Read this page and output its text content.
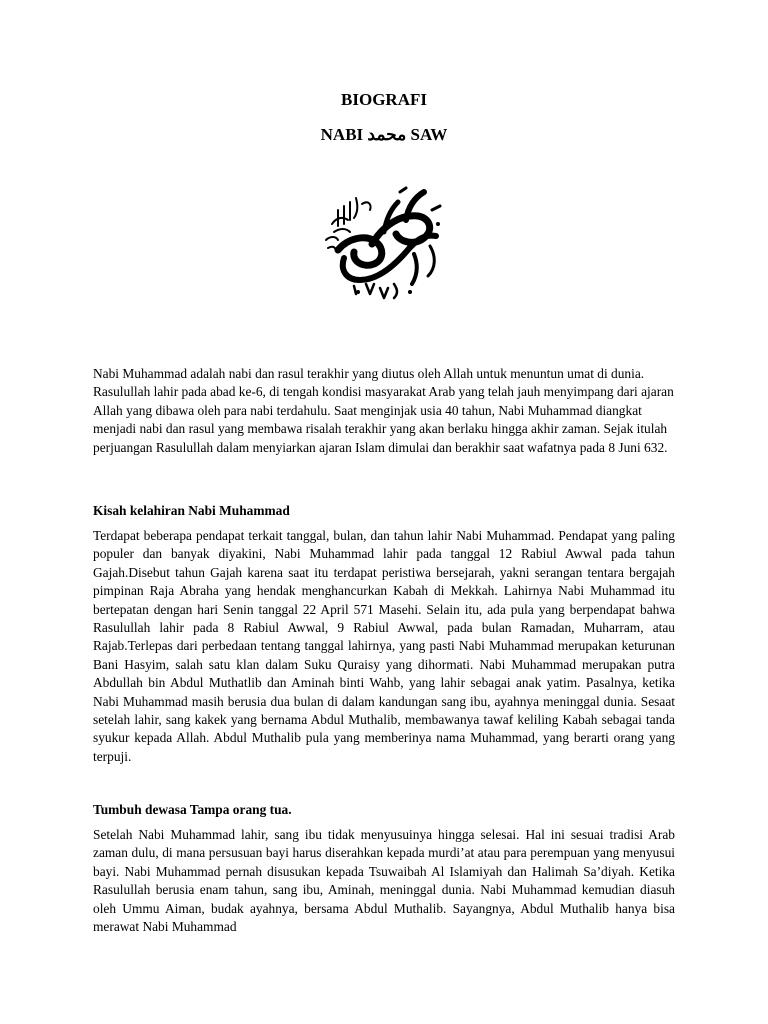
BIOGRAFI
NABI محمد SAW

Nabi Muhammad adalah nabi dan rasul terakhir yang diutus oleh Allah untuk menuntun umat di dunia. Rasulullah lahir pada abad ke-6, di tengah kondisi masyarakat Arab yang telah jauh menyimpang dari ajaran Allah yang dibawa oleh para nabi terdahulu. Saat menginjak usia 40 tahun, Nabi Muhammad diangkat menjadi nabi dan rasul yang membawa risalah terakhir yang akan berlaku hingga akhir zaman. Sejak itulah perjuangan Rasulullah dalam menyiarkan ajaran Islam dimulai dan berakhir saat wafatnya pada 8 Juni 632.

Kisah kelahiran Nabi Muhammad

Terdapat beberapa pendapat terkait tanggal, bulan, dan tahun lahir Nabi Muhammad. Pendapat yang paling populer dan banyak diyakini, Nabi Muhammad lahir pada tanggal 12 Rabiul Awwal pada tahun Gajah.Disebut tahun Gajah karena saat itu terdapat peristiwa bersejarah, yakni serangan tentara bergajah pimpinan Raja Abraha yang hendak menghancurkan Kabah di Mekkah. Lahirnya Nabi Muhammad itu bertepatan dengan hari Senin tanggal 22 April 571 Masehi. Selain itu, ada pula yang berpendapat bahwa Rasulullah lahir pada 8 Rabiul Awwal, 9 Rabiul Awwal, pada bulan Ramadan, Muharram, atau Rajab.Terlepas dari perbedaan tentang tanggal lahirnya, yang pasti Nabi Muhammad merupakan keturunan Bani Hasyim, salah satu klan dalam Suku Quraisy yang dihormati. Nabi Muhammad merupakan putra Abdullah bin Abdul Muthatlib dan Aminah binti Wahb, yang lahir sebagai anak yatim. Pasalnya, ketika Nabi Muhammad masih berusia dua bulan di dalam kandungan sang ibu, ayahnya meninggal dunia. Sesaat setelah lahir, sang kakek yang bernama Abdul Muthalib, membawanya tawaf keliling Kabah sebagai tanda syukur kepada Allah. Abdul Muthalib pula yang memberinya nama Muhammad, yang berarti orang yang terpuji.

Tumbuh dewasa Tampa orang tua.

Setelah Nabi Muhammad lahir, sang ibu tidak menyusuinya hingga selesai. Hal ini sesuai tradisi Arab zaman dulu, di mana persusuan bayi harus diserahkan kepada murdi’at atau para perempuan yang menyusui bayi. Nabi Muhammad pernah disusukan kepada Tsuwaibah Al Islamiyah dan Halimah Sa’diyah. Ketika Rasulullah berusia enam tahun, sang ibu, Aminah, meninggal dunia. Nabi Muhammad kemudian diasuh oleh Ummu Aiman, budak ayahnya, bersama Abdul Muthalib. Sayangnya, Abdul Muthalib hanya bisa merawat Nabi Muhammad
